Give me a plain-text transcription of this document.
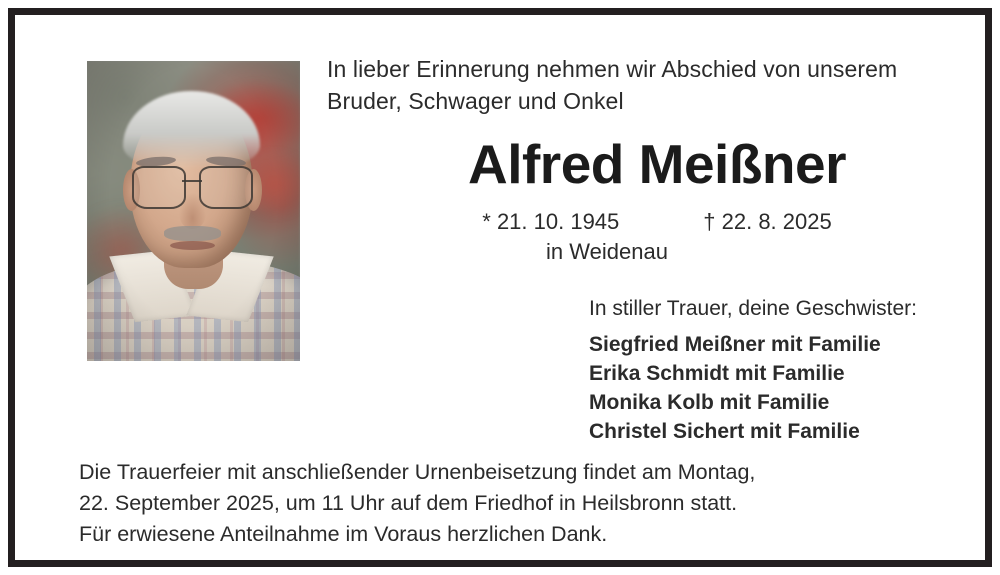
In lieber Erinnerung nehmen wir Abschied von unserem
Bruder, Schwager und Onkel
Alfred Meißner
* 21. 10. 1945	† 22. 8. 2025
in Weidenau
In stiller Trauer, deine Geschwister:
Siegfried Meißner mit Familie
Erika Schmidt mit Familie
Monika Kolb mit Familie
Christel Sichert mit Familie
Die Trauerfeier mit anschließender Urnenbeisetzung findet am Montag,
22. September 2025, um 11 Uhr auf dem Friedhof in Heilsbronn statt.
Für erwiesene Anteilnahme im Voraus herzlichen Dank.
